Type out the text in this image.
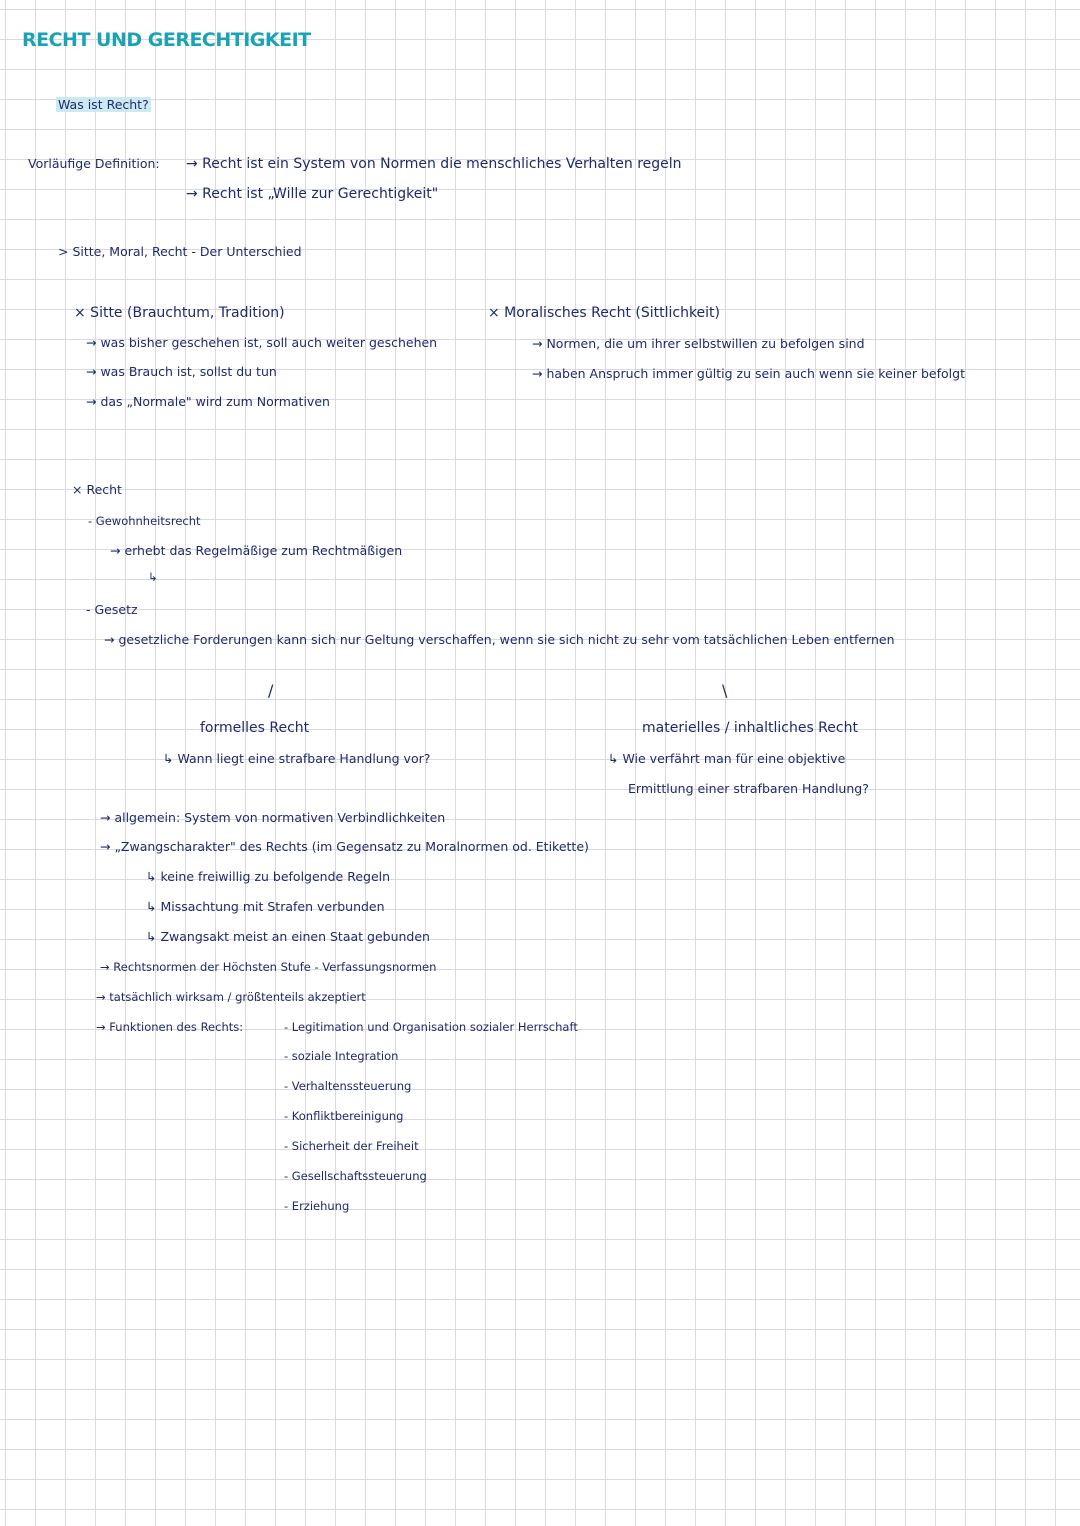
RECHT UND GERECHTIGKEIT
Was ist Recht?
Vorläufige Definition: → Recht ist ein System von Normen die menschliches Verhalten regeln
→ Recht ist „Wille zur Gerechtigkeit"
> Sitte, Moral, Recht - Der Unterschied
× Sitte (Brauchtum, Tradition)
→ was bisher geschehen ist, soll auch weiter geschehen
→ was Brauch ist, sollst du tun
→ das „Normale" wird zum Normativen
× Moralisches Recht (Sittlichkeit)
→ Normen, die um ihrer selbstwillen zu befolgen sind
→ haben Anspruch immer gültig zu sein auch wenn sie keiner befolgt
× Recht
- Gewohnheitsrecht
→ erhebt das Regelmäßige zum Rechtmäßigen
↳
- Gesetz
→ gesetzliche Forderungen kann sich nur Geltung verschaffen, wenn sie sich nicht zu sehr vom tatsächlichen Leben entfernen
/	\
formelles Recht
↳ Wann liegt eine strafbare Handlung vor?
materielles / inhaltliches Recht
↳ Wie verfährt man für eine objektive
Ermittlung einer strafbaren Handlung?
→ allgemein: System von normativen Verbindlichkeiten
→ „Zwangscharakter" des Rechts (im Gegensatz zu Moralnormen od. Etikette)
↳ keine freiwillig zu befolgende Regeln
↳ Missachtung mit Strafen verbunden
↳ Zwangsakt meist an einen Staat gebunden
→ Rechtsnormen der Höchsten Stufe - Verfassungsnormen
→ tatsächlich wirksam / größtenteils akzeptiert
→ Funktionen des Rechts:	- Legitimation und Organisation sozialer Herrschaft
- soziale Integration
- Verhaltenssteuerung
- Konfliktbereinigung
- Sicherheit der Freiheit
- Gesellschaftssteuerung
- Erziehung
